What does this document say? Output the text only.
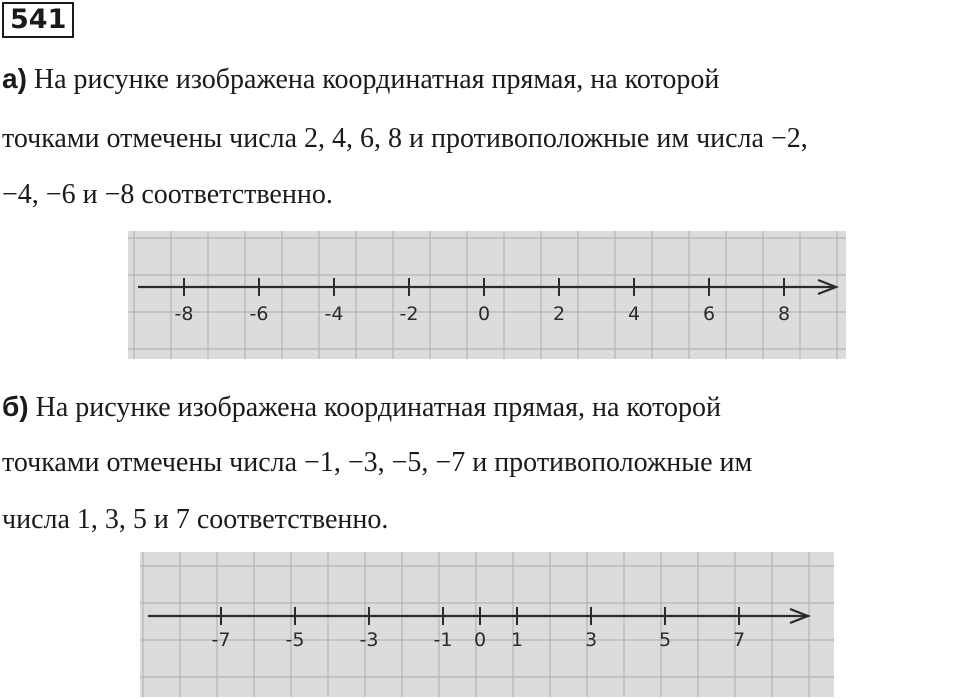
541
а) На рисунке изображена координатная прямая, на которой
точками отмечены числа 2, 4, 6, 8 и противоположные им числа −2,
−4, −6 и −8 соответственно.
-8	-6	-4	-2	0	2	4	6	8
б) На рисунке изображена координатная прямая, на которой
точками отмечены числа −1, −3, −5, −7 и противоположные им
числа 1, 3, 5 и 7 соответственно.
-7	-5	-3	-1 0 1	3	5	7
